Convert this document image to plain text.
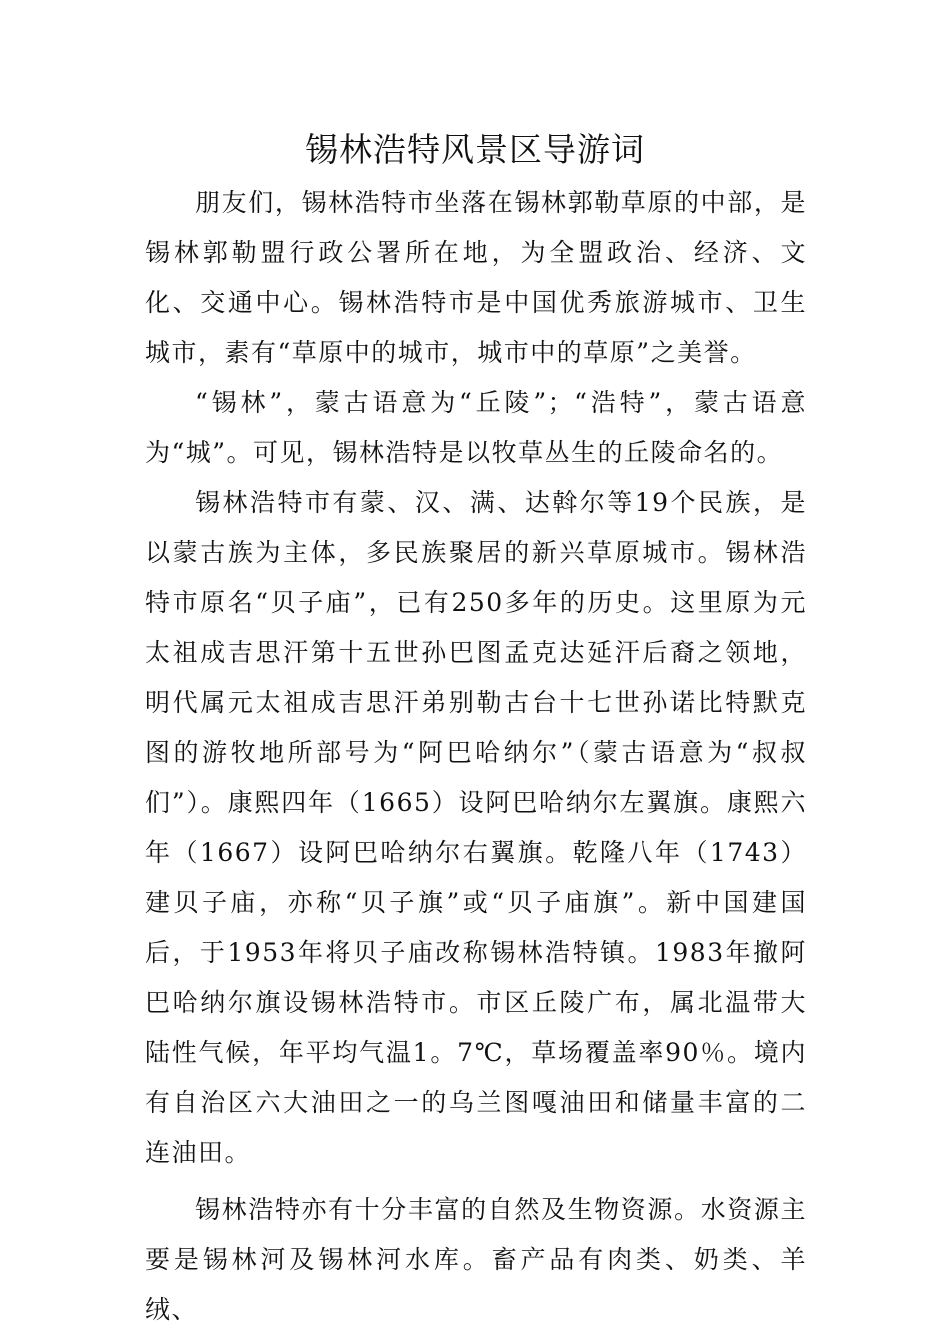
锡林浩特风景区导游词

朋友们，锡林浩特市坐落在锡林郭勒草原的中部，是锡林郭勒盟行政公署所在地，为全盟政治、经济、文化、交通中心。锡林浩特市是中国优秀旅游城市、卫生城市，素有“草原中的城市，城市中的草原”之美誉。

“锡林”，蒙古语意为“丘陵”；“浩特”，蒙古语意为“城”。可见，锡林浩特是以牧草丛生的丘陵命名的。

锡林浩特市有蒙、汉、满、达斡尔等19个民族，是以蒙古族为主体，多民族聚居的新兴草原城市。锡林浩特市原名“贝子庙”，已有250多年的历史。这里原为元太祖成吉思汗第十五世孙巴图孟克达延汗后裔之领地，明代属元太祖成吉思汗弟别勒古台十七世孙诺比特默克图的游牧地所部号为“阿巴哈纳尔”（蒙古语意为“叔叔们”）。康熙四年（1665）设阿巴哈纳尔左翼旗。康熙六年（1667）设阿巴哈纳尔右翼旗。乾隆八年（1743）建贝子庙，亦称“贝子旗”或“贝子庙旗”。新中国建国后，于1953年将贝子庙改称锡林浩特镇。1983年撤阿巴哈纳尔旗设锡林浩特市。市区丘陵广布，属北温带大陆性气候，年平均气温1。7℃，草场覆盖率90％。境内有自治区六大油田之一的乌兰图嘎油田和储量丰富的二连油田。

锡林浩特亦有十分丰富的自然及生物资源。水资源主要是锡林河及锡林河水库。畜产品有肉类、奶类、羊绒、
